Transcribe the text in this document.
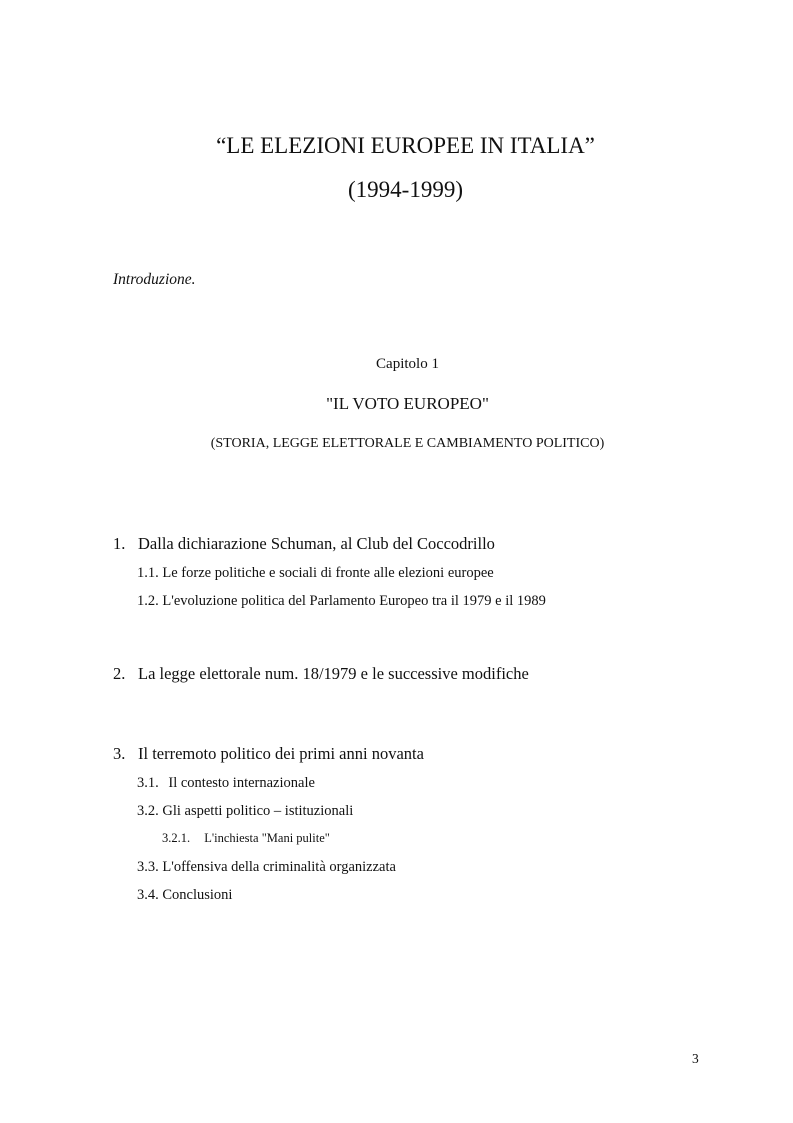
“LE ELEZIONI EUROPEE IN ITALIA”
(1994-1999)
Introduzione.
Capitolo 1
"IL VOTO EUROPEO"
(STORIA, LEGGE ELETTORALE E CAMBIAMENTO POLITICO)
1. Dalla dichiarazione Schuman, al Club del Coccodrillo
1.1. Le forze politiche e sociali di fronte alle elezioni europee
1.2. L'evoluzione politica del Parlamento Europeo tra il 1979 e il 1989
2. La legge elettorale num. 18/1979 e le successive modifiche
3. Il terremoto politico dei primi anni novanta
3.1. Il contesto internazionale
3.2. Gli aspetti politico – istituzionali
3.2.1. L'inchiesta "Mani pulite"
3.3. L'offensiva della criminalità organizzata
3.4. Conclusioni
3
